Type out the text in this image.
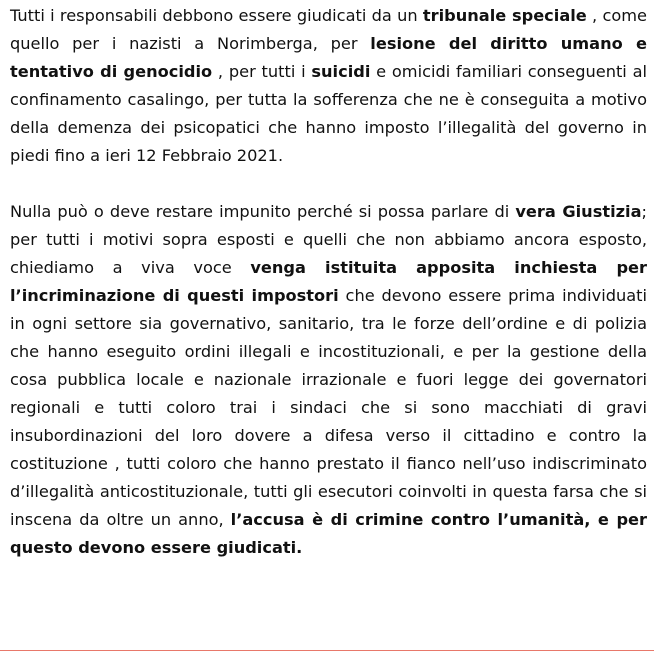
Tutti i responsabili debbono essere giudicati da un tribunale speciale , come quello per i nazisti a Norimberga, per lesione del diritto umano e tentativo di genocidio , per tutti i suicidi e omicidi familiari conseguenti al confinamento casalingo, per tutta la sofferenza che ne è conseguita a motivo della demenza dei psicopatici che hanno imposto l’illegalità del governo in piedi fino a ieri 12 Febbraio 2021.

Nulla può o deve restare impunito perché si possa parlare di vera Giustizia; per tutti i motivi sopra esposti e quelli che non abbiamo ancora esposto, chiediamo a viva voce venga istituita apposita inchiesta per l’incriminazione di questi impostori che devono essere prima individuati in ogni settore sia governativo, sanitario, tra le forze dell’ordine e di polizia che hanno eseguito ordini illegali e incostituzionali, e per la gestione della cosa pubblica locale e nazionale irrazionale e fuori legge dei governatori regionali e tutti coloro trai i sindaci che si sono macchiati di gravi insubordinazioni del loro dovere a difesa verso il cittadino e contro la costituzione , tutti coloro che hanno prestato il fianco nell’uso indiscriminato d’illegalità anticostituzionale, tutti gli esecutori coinvolti in questa farsa che si inscena da oltre un anno, l’accusa è di crimine contro l’umanità, e per questo devono essere giudicati.
